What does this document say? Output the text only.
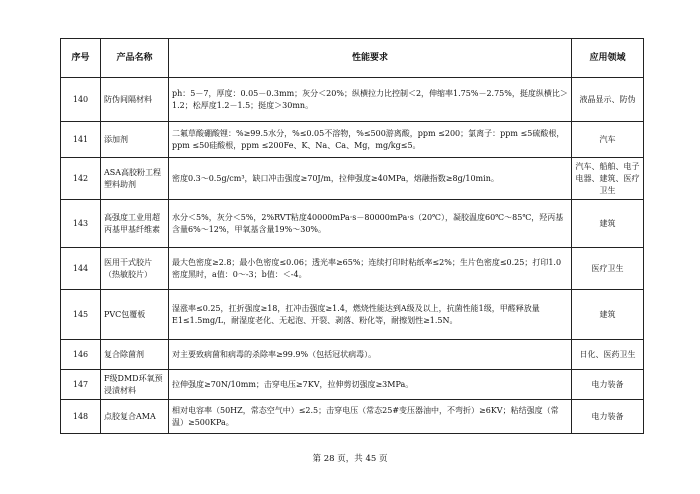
序号	产品名称	性能要求	应用领域
140	防伪间隔材料	ph：5－7，厚度：0.05－0.3mm；灰分＜20%；纵横拉力比控制＜2，伸缩率1.75%－2.75%，挺度纵横比＞1.2；松厚度1.2－1.5；挺度＞30mn。	液晶显示、防伪
141	添加剂	二氟草酸硼酸锂：%≥99.5水分，%≤0.05不溶物，%≤500游离酸，ppm ≤200；氯离子：ppm ≤5硫酸根，ppm ≤50硅酸根，ppm ≤200Fe、K、Na、Ca、Mg，mg/kg≤5。	汽车
142	ASA高胶粉工程塑料助剂	密度0.3～0.5g/cm³，缺口冲击强度≥70J/m，拉伸强度≥40MPa，熔融指数≥8g/10min。	汽车、船舶、电子电器、建筑、医疗卫生
143	高强度工业用超丙基甲基纤维素	水分＜5%，灰分＜5%，2%RVT粘度40000mPa·s－80000mPa·s（20℃），凝胶温度60℃～85℃，羟丙基含量6%～12%，甲氧基含量19%～30%。	建筑
144	医用干式胶片（热敏胶片）	最大色密度≥2.8；最小色密度≤0.06；透光率≥65%；连续打印时粘纸率≤2%；生片色密度≤0.25；打印1.0密度黑时，a值：0～-3；b值：＜-4。	医疗卫生
145	PVC包覆板	湿涨率≤0.25，扛折强度≥18，扛冲击强度≥1.4，燃烧性能达到A级及以上，抗菌性能1级，甲醛释放量E1≤1.5mg/L，耐湿度老化、无起泡、开裂、剥落、粉化等，耐擦划性≥1.5N。	建筑
146	复合除菌剂	对主要致病菌和病毒的杀除率≥99.9%（包括冠状病毒）。	日化、医药卫生
147	F级DMD环氧预浸渍材料	拉伸强度≥70N/10mm；击穿电压≥7KV，拉伸剪切强度≥3MPa。	电力装备
148	点胶复合AMA	相对电容率（50HZ，常态空气中）≤2.5；击穿电压（常态25#变压器油中，不弯折）≥6KV；粘结强度（常温）≥500KPa。	电力装备
第 28 页，共 45 页
